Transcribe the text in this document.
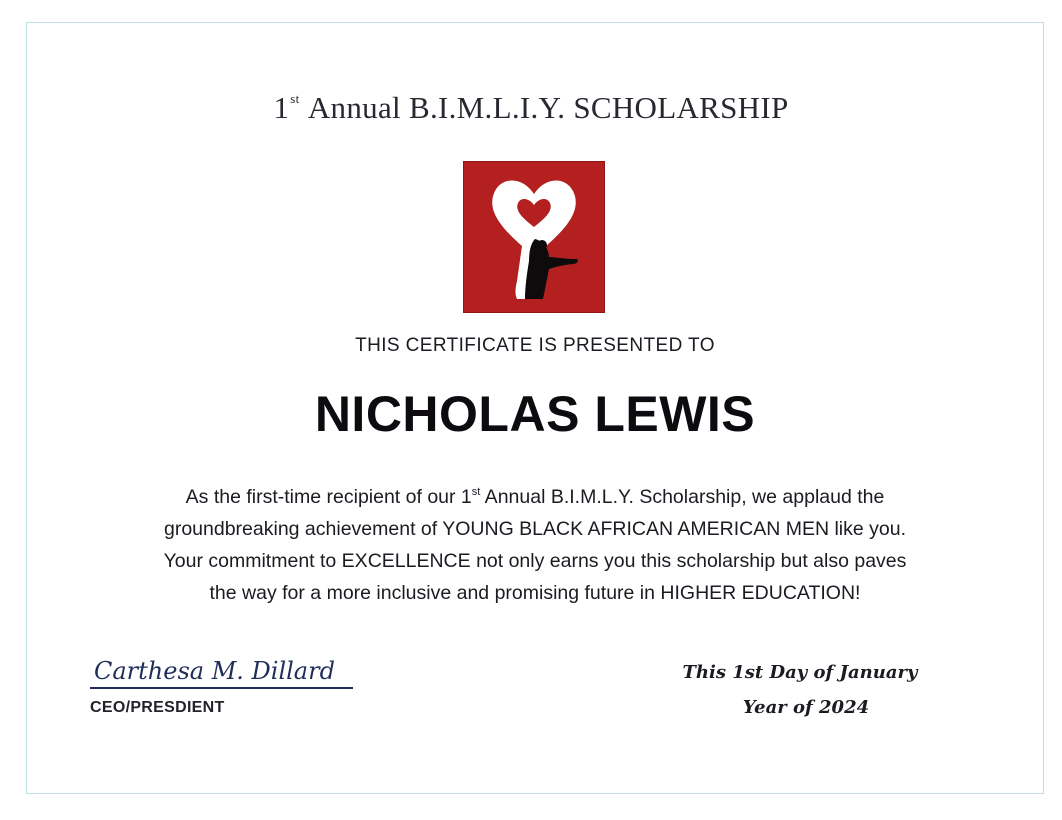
1st Annual B.I.M.L.I.Y. SCHOLARSHIP
THIS CERTIFICATE IS PRESENTED TO
NICHOLAS LEWIS
As the first-time recipient of our 1st Annual B.I.M.L.Y. Scholarship, we applaud the
groundbreaking achievement of YOUNG BLACK AFRICAN AMERICAN MEN like you.
Your commitment to EXCELLENCE not only earns you this scholarship but also paves
the way for a more inclusive and promising future in HIGHER EDUCATION!
Carthesa M. Dillard
CEO/PRESDIENT
This 1st Day of January
Year of 2024
